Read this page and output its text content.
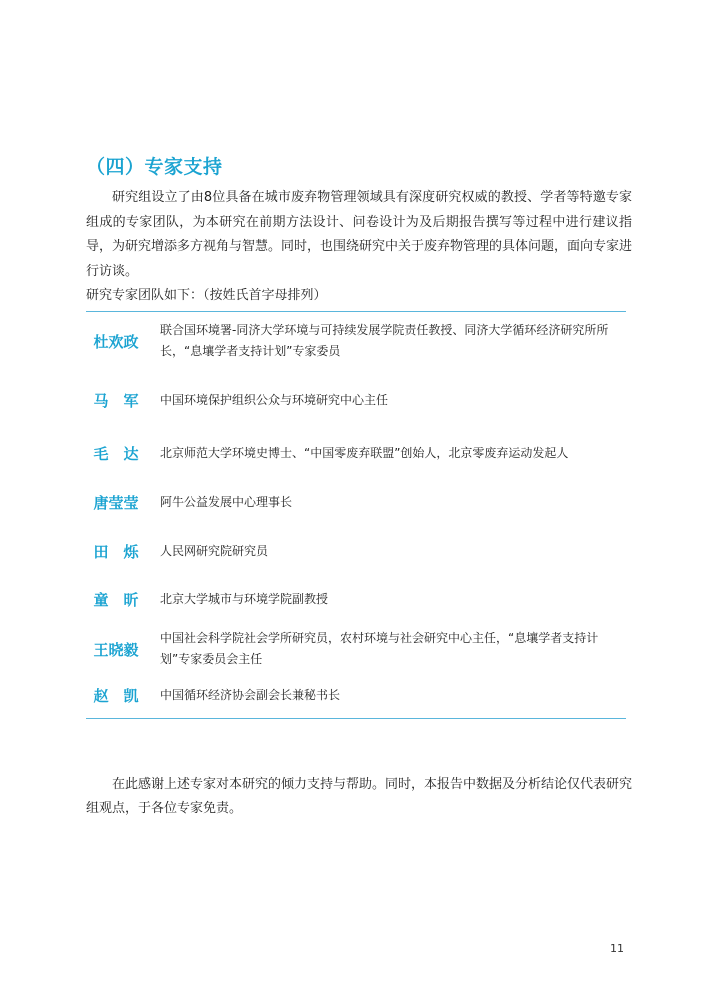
（四）专家支持
研究组设立了由8位具备在城市废弃物管理领域具有深度研究权威的教授、学者等特邀专家组成的专家团队，为本研究在前期方法设计、问卷设计为及后期报告撰写等过程中进行建议指导，为研究增添多方视角与智慧。同时，也围绕研究中关于废弃物管理的具体问题，面向专家进行访谈。
研究专家团队如下：（按姓氏首字母排列）
杜欢政
联合国环境署-同济大学环境与可持续发展学院责任教授、同济大学循环经济研究所所长，“息壤学者支持计划”专家委员
马　军 中国环境保护组织公众与环境研究中心主任
毛　达 北京师范大学环境史博士、“中国零废弃联盟”创始人，北京零废弃运动发起人
唐莹莹 阿牛公益发展中心理事长
田　烁 人民网研究院研究员
童　昕 北京大学城市与环境学院副教授
王晓毅
中国社会科学院社会学所研究员，农村环境与社会研究中心主任，“息壤学者支持计划”专家委员会主任
赵　凯 中国循环经济协会副会长兼秘书长

在此感谢上述专家对本研究的倾力支持与帮助。同时，本报告中数据及分析结论仅代表研究组观点，于各位专家免责。

11
